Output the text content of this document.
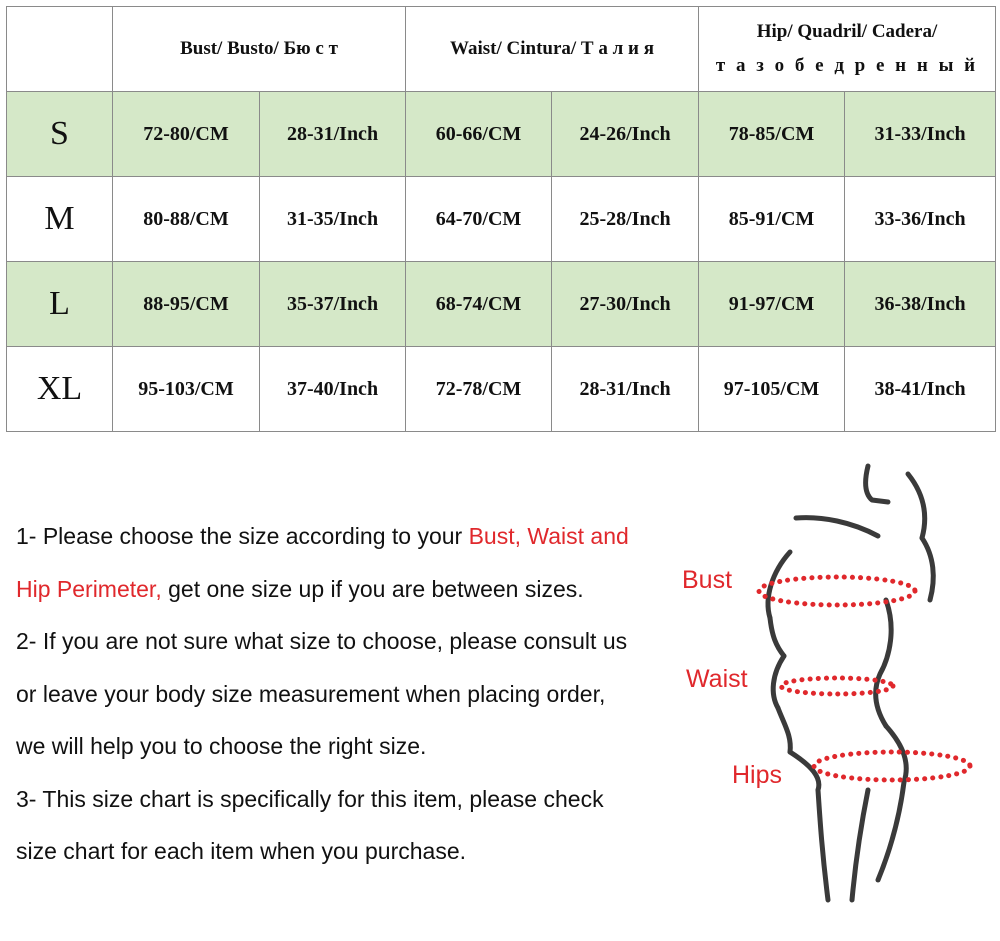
	Bust/ Busto/ Бю с т		Waist/ Cintura/ Т а л и я		Hip/ Quadril/ Cadera/
т а з о б е д р е н н ы й	

S	72-80/CM	28-31/Inch	60-66/CM	24-26/Inch	78-85/CM	31-33/Inch
M	80-88/CM	31-35/Inch	64-70/CM	25-28/Inch	85-91/CM	33-36/Inch
L	88-95/CM	35-37/Inch	68-74/CM	27-30/Inch	91-97/CM	36-38/Inch
XL	95-103/CM	37-40/Inch	72-78/CM	28-31/Inch	97-105/CM	38-41/Inch

1- Please choose the size according to your Bust, Waist and

Hip Perimeter, get one size up if you are between sizes.

2- If you are not sure what size to choose, please consult us

or leave your body size measurement when placing order,

we will help you to choose the right size.

3- This size chart is specifically for this item, please check

size chart for each item when you purchase.

Bust
Waist
Hips
